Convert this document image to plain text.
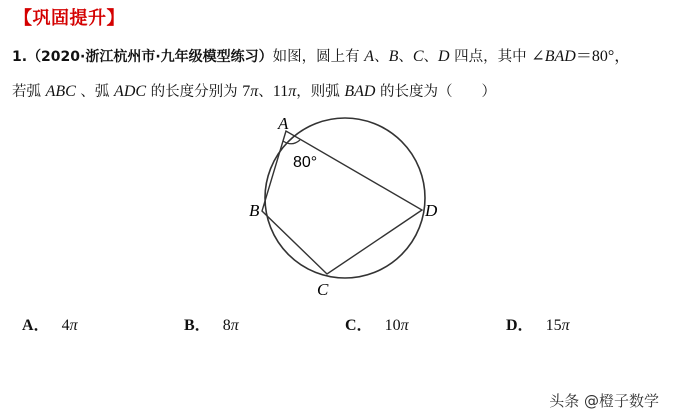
【巩固提升】
1.（2020·浙江杭州市·九年级模型练习）如图，圆上有 A、B、C、D 四点，其中 ∠BAD＝80°，
若弧 ABC 、弧 ADC 的长度分别为 7π、11π，则弧 BAD 的长度为（　　）
A
B
C
D
80°
A． 4π	B． 8π	C． 10π	D． 15π
头条 @橙子数学
